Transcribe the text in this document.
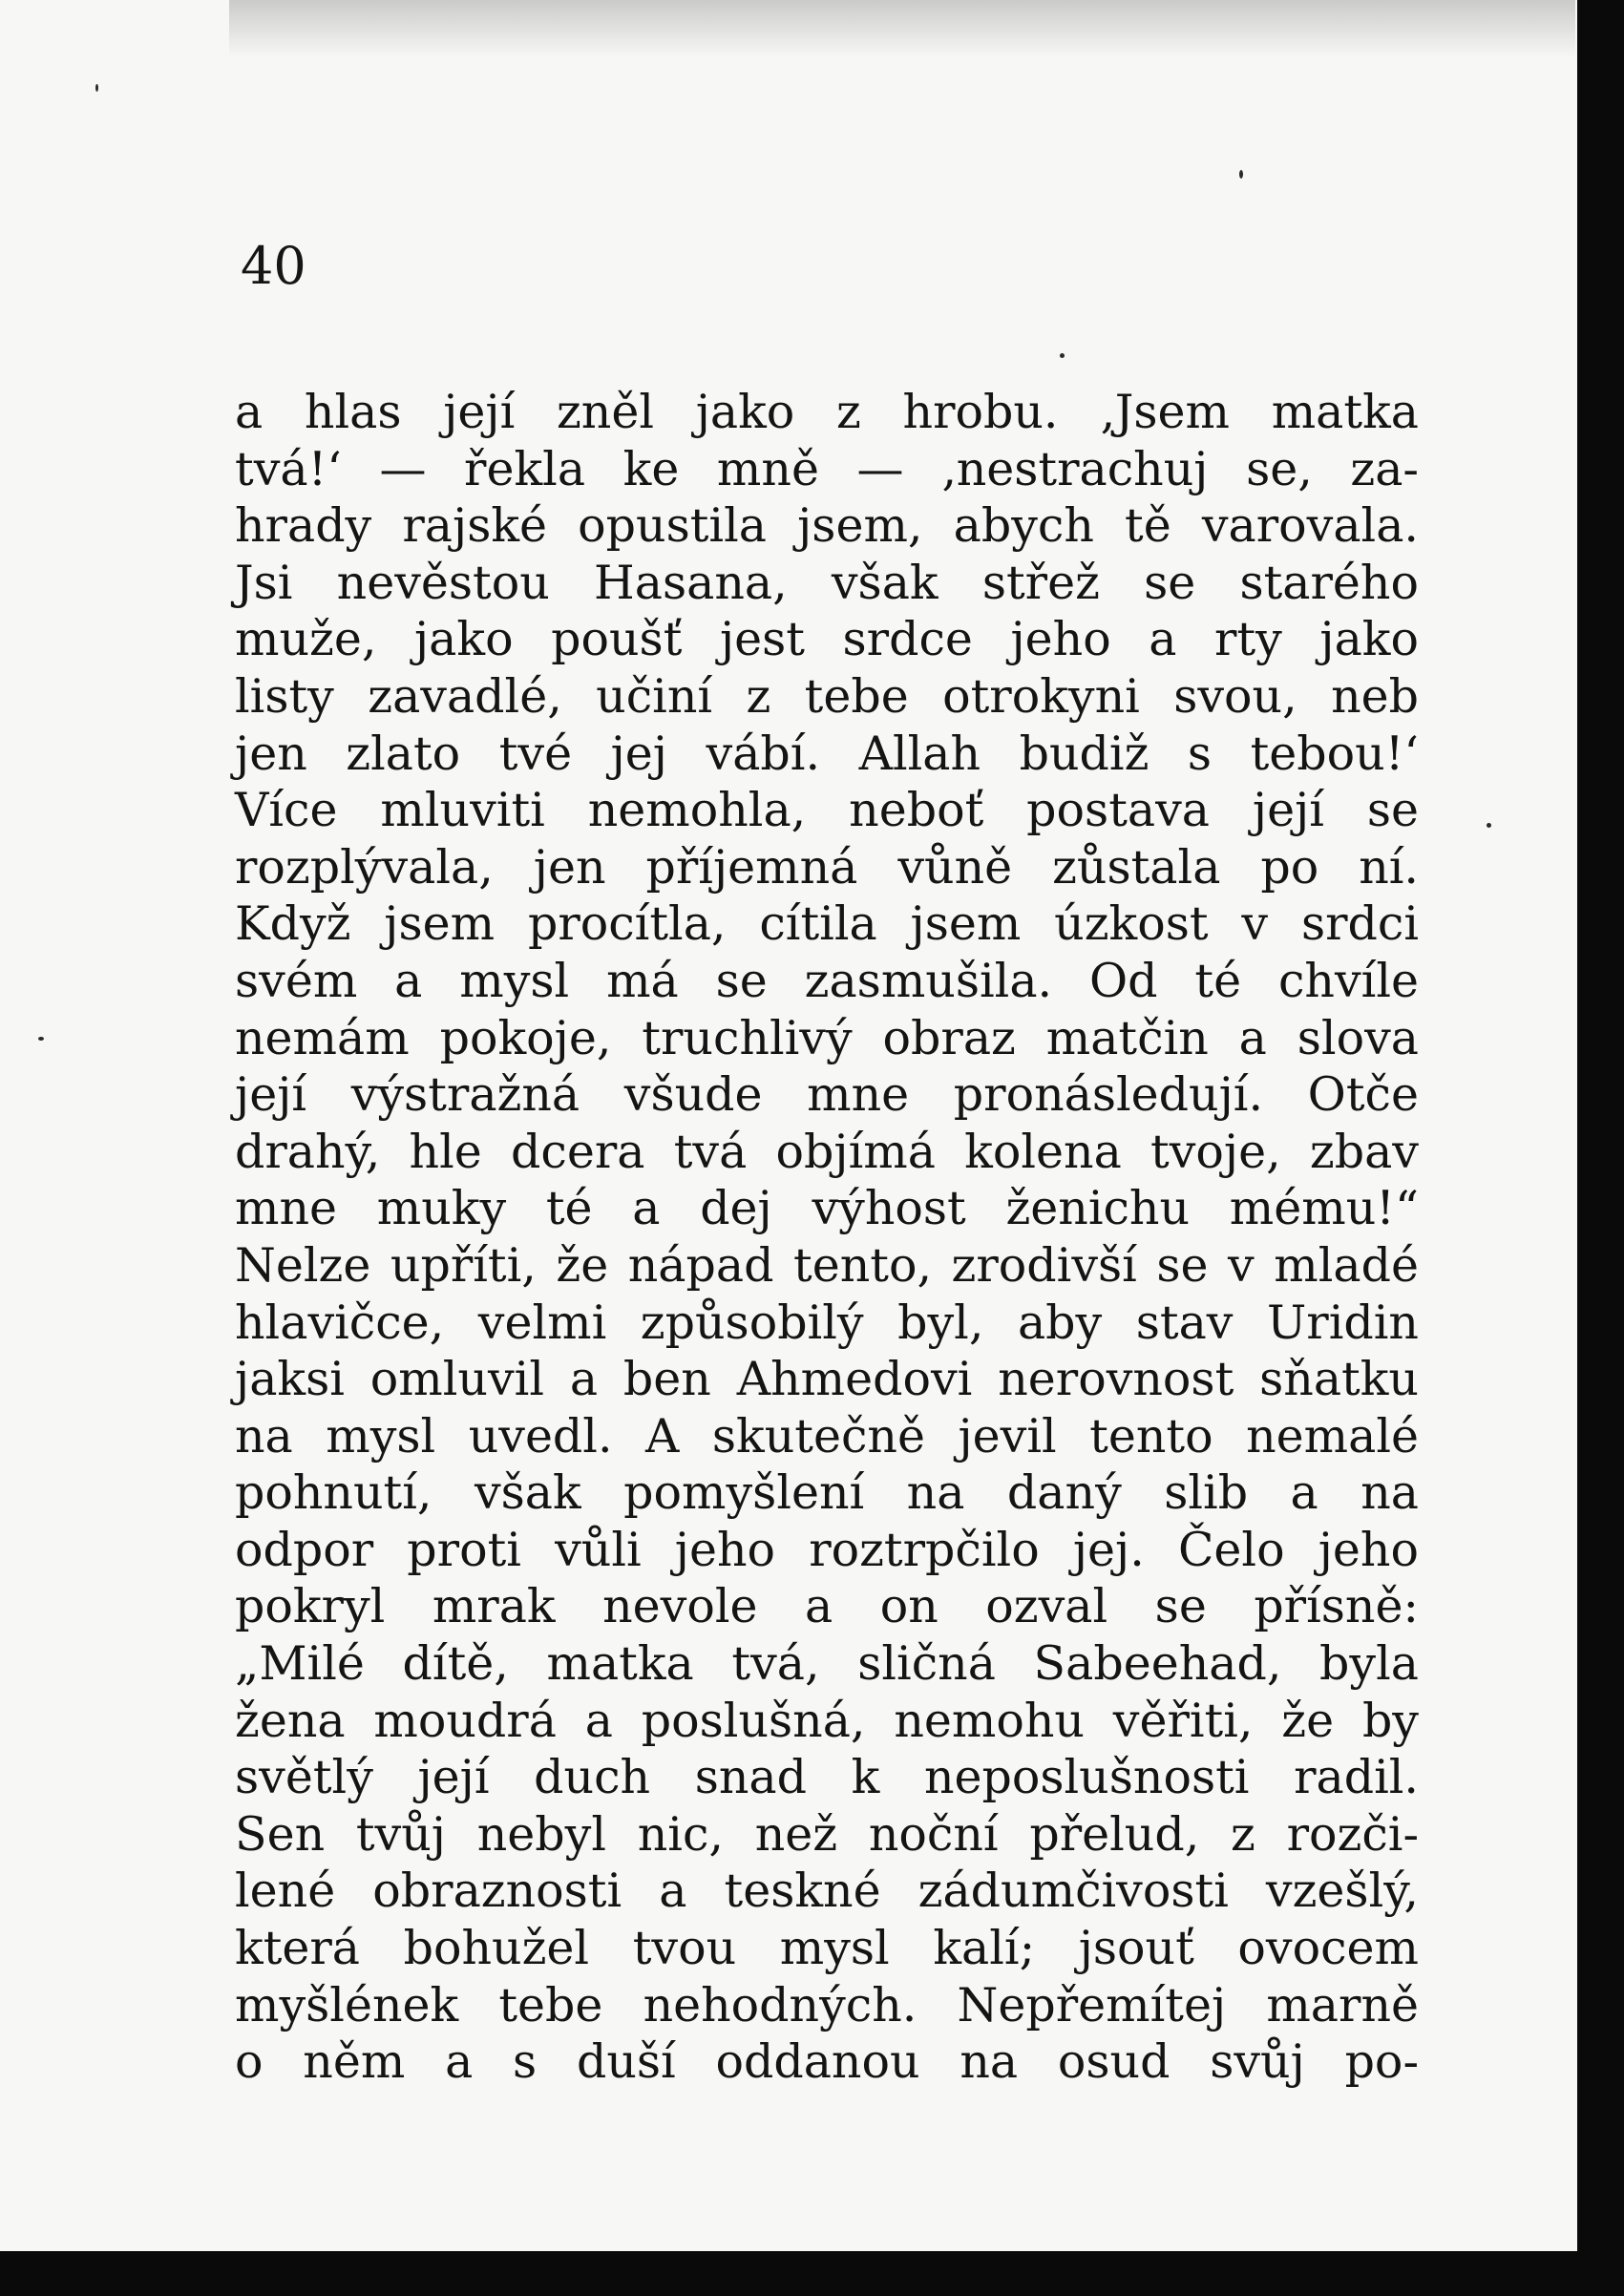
40
a hlas její zněl jako z hrobu. ‚Jsem matka
tvá!‘ — řekla ke mně — ‚nestrachuj se, za-
hrady rajské opustila jsem, abych tě varovala.
Jsi nevěstou Hasana, však střež se starého
muže, jako poušť jest srdce jeho a rty jako
listy zavadlé, učiní z tebe otrokyni svou, neb
jen zlato tvé jej vábí. Allah budiž s tebou!‘
Více mluviti nemohla, neboť postava její se
rozplývala, jen příjemná vůně zůstala po ní.
Když jsem procítla, cítila jsem úzkost v srdci
svém a mysl má se zasmušila. Od té chvíle
nemám pokoje, truchlivý obraz matčin a slova
její výstražná všude mne pronásledují. Otče
drahý, hle dcera tvá objímá kolena tvoje, zbav
mne muky té a dej výhost ženichu mému!“
Nelze upříti, že nápad tento, zrodivší se v mladé
hlavičce, velmi způsobilý byl, aby stav Uridin
jaksi omluvil a ben Ahmedovi nerovnost sňatku
na mysl uvedl. A skutečně jevil tento nemalé
pohnutí, však pomyšlení na daný slib a na
odpor proti vůli jeho roztrpčilo jej. Čelo jeho
pokryl mrak nevole a on ozval se přísně:
„Milé dítě, matka tvá, sličná Sabeehad, byla
žena moudrá a poslušná, nemohu věřiti, že by
světlý její duch snad k neposlušnosti radil.
Sen tvůj nebyl nic, než noční přelud, z rozči-
lené obraznosti a teskné zádumčivosti vzešlý,
která bohužel tvou mysl kalí; jsouť ovocem
myšlének tebe nehodných. Nepřemítej marně
o něm a s duší oddanou na osud svůj po-
